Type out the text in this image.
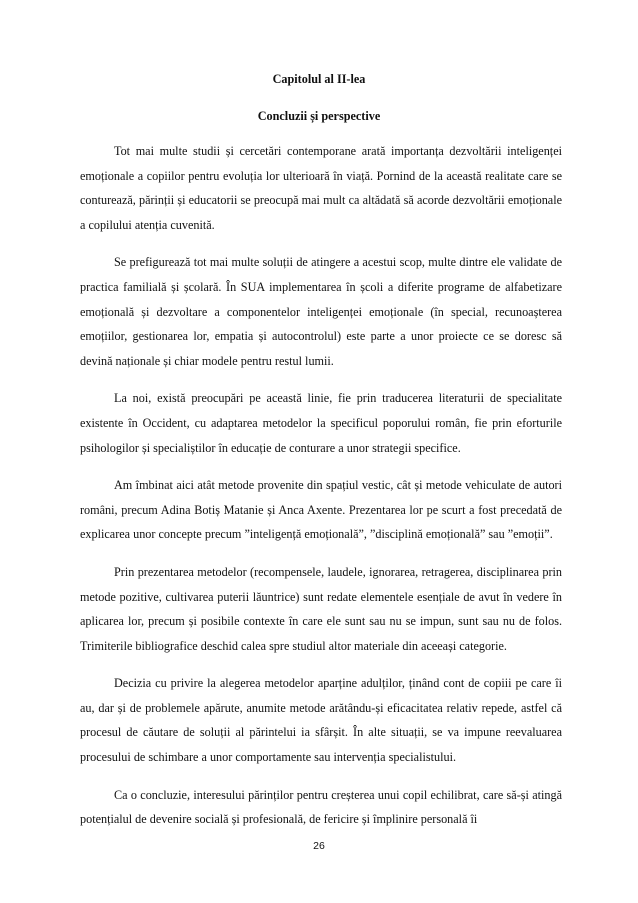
Capitolul al II-lea
Concluzii și perspective

Tot mai multe studii și cercetări contemporane arată importanța dezvoltării inteligenței emoționale a copiilor pentru evoluția lor ulterioară în viață. Pornind de la această realitate care se conturează, părinții și educatorii se preocupă mai mult ca altădată să acorde dezvoltării emoționale a copilului atenția cuvenită.

Se prefigurează tot mai multe soluții de atingere a acestui scop, multe dintre ele validate de practica familială și școlară. În SUA implementarea în școli a diferite programe de alfabetizare emoțională și dezvoltare a componentelor inteligenței emoționale (în special, recunoașterea emoțiilor, gestionarea lor, empatia și autocontrolul) este parte a unor proiecte ce se doresc să devină naționale și chiar modele pentru restul lumii.

La noi, există preocupări pe această linie, fie prin traducerea literaturii de specialitate existente în Occident, cu adaptarea metodelor la specificul poporului român, fie prin eforturile psihologilor și specialiștilor în educație de conturare a unor strategii specifice.

Am îmbinat aici atât metode provenite din spațiul vestic, cât și metode vehiculate de autori români, precum Adina Botiș Matanie și Anca Axente. Prezentarea lor pe scurt a fost precedată de explicarea unor concepte precum ”inteligență emoțională”, ”disciplină emoțională” sau ”emoții”.

Prin prezentarea metodelor (recompensele, laudele, ignorarea, retragerea, disciplinarea prin metode pozitive, cultivarea puterii lăuntrice) sunt redate elementele esențiale de avut în vedere în aplicarea lor, precum și posibile contexte în care ele sunt sau nu se impun, sunt sau nu de folos. Trimiterile bibliografice deschid calea spre studiul altor materiale din aceeași categorie.

Decizia cu privire la alegerea metodelor aparține adulților, ținând cont de copiii pe care îi au, dar și de problemele apărute, anumite metode arătându-și eficacitatea relativ repede, astfel că procesul de căutare de soluții al părintelui ia sfârșit. În alte situații, se va impune reevaluarea procesului de schimbare a unor comportamente sau intervenția specialistului.

Ca o concluzie, interesului părinților pentru creșterea unui copil echilibrat, care să-și atingă potențialul de devenire socială și profesională, de fericire și împlinire personală îi

26
